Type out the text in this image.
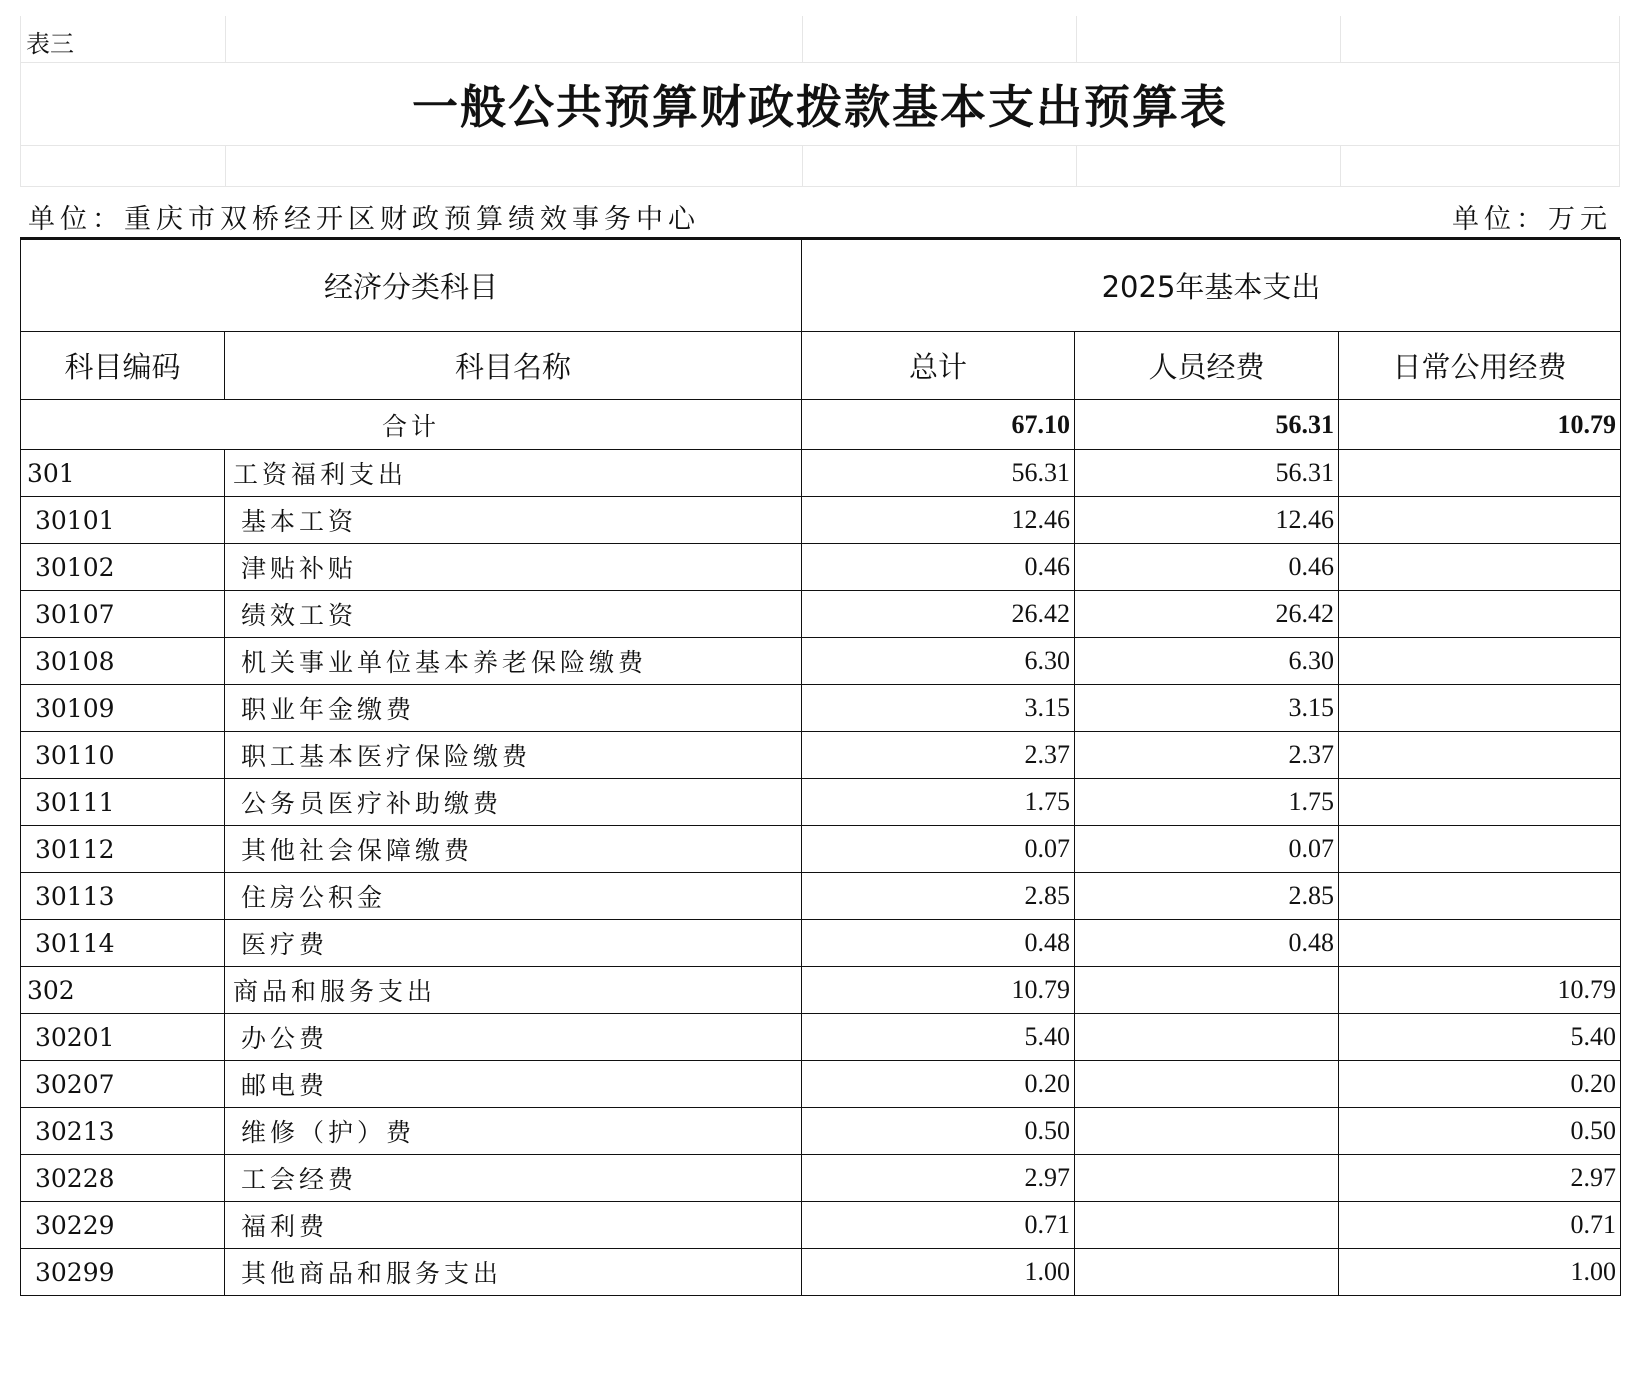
表三
一般公共预算财政拨款基本支出预算表
单位：重庆市双桥经开区财政预算绩效事务中心	单位：万元
经济分类科目		2025年基本支出		
科目编码	科目名称	总计	人员经费	日常公用经费
合计		67.10	56.31	10.79
301	工资福利支出	56.31	56.31	
30101	基本工资	12.46	12.46	
30102	津贴补贴	0.46	0.46	
30107	绩效工资	26.42	26.42	
30108	机关事业单位基本养老保险缴费	6.30	6.30	
30109	职业年金缴费	3.15	3.15	
30110	职工基本医疗保险缴费	2.37	2.37	
30111	公务员医疗补助缴费	1.75	1.75	
30112	其他社会保障缴费	0.07	0.07	
30113	住房公积金	2.85	2.85	
30114	医疗费	0.48	0.48	
302	商品和服务支出	10.79		10.79
30201	办公费	5.40		5.40
30207	邮电费	0.20		0.20
30213	维修（护）费	0.50		0.50
30228	工会经费	2.97		2.97
30229	福利费	0.71		0.71
30299	其他商品和服务支出	1.00		1.00
